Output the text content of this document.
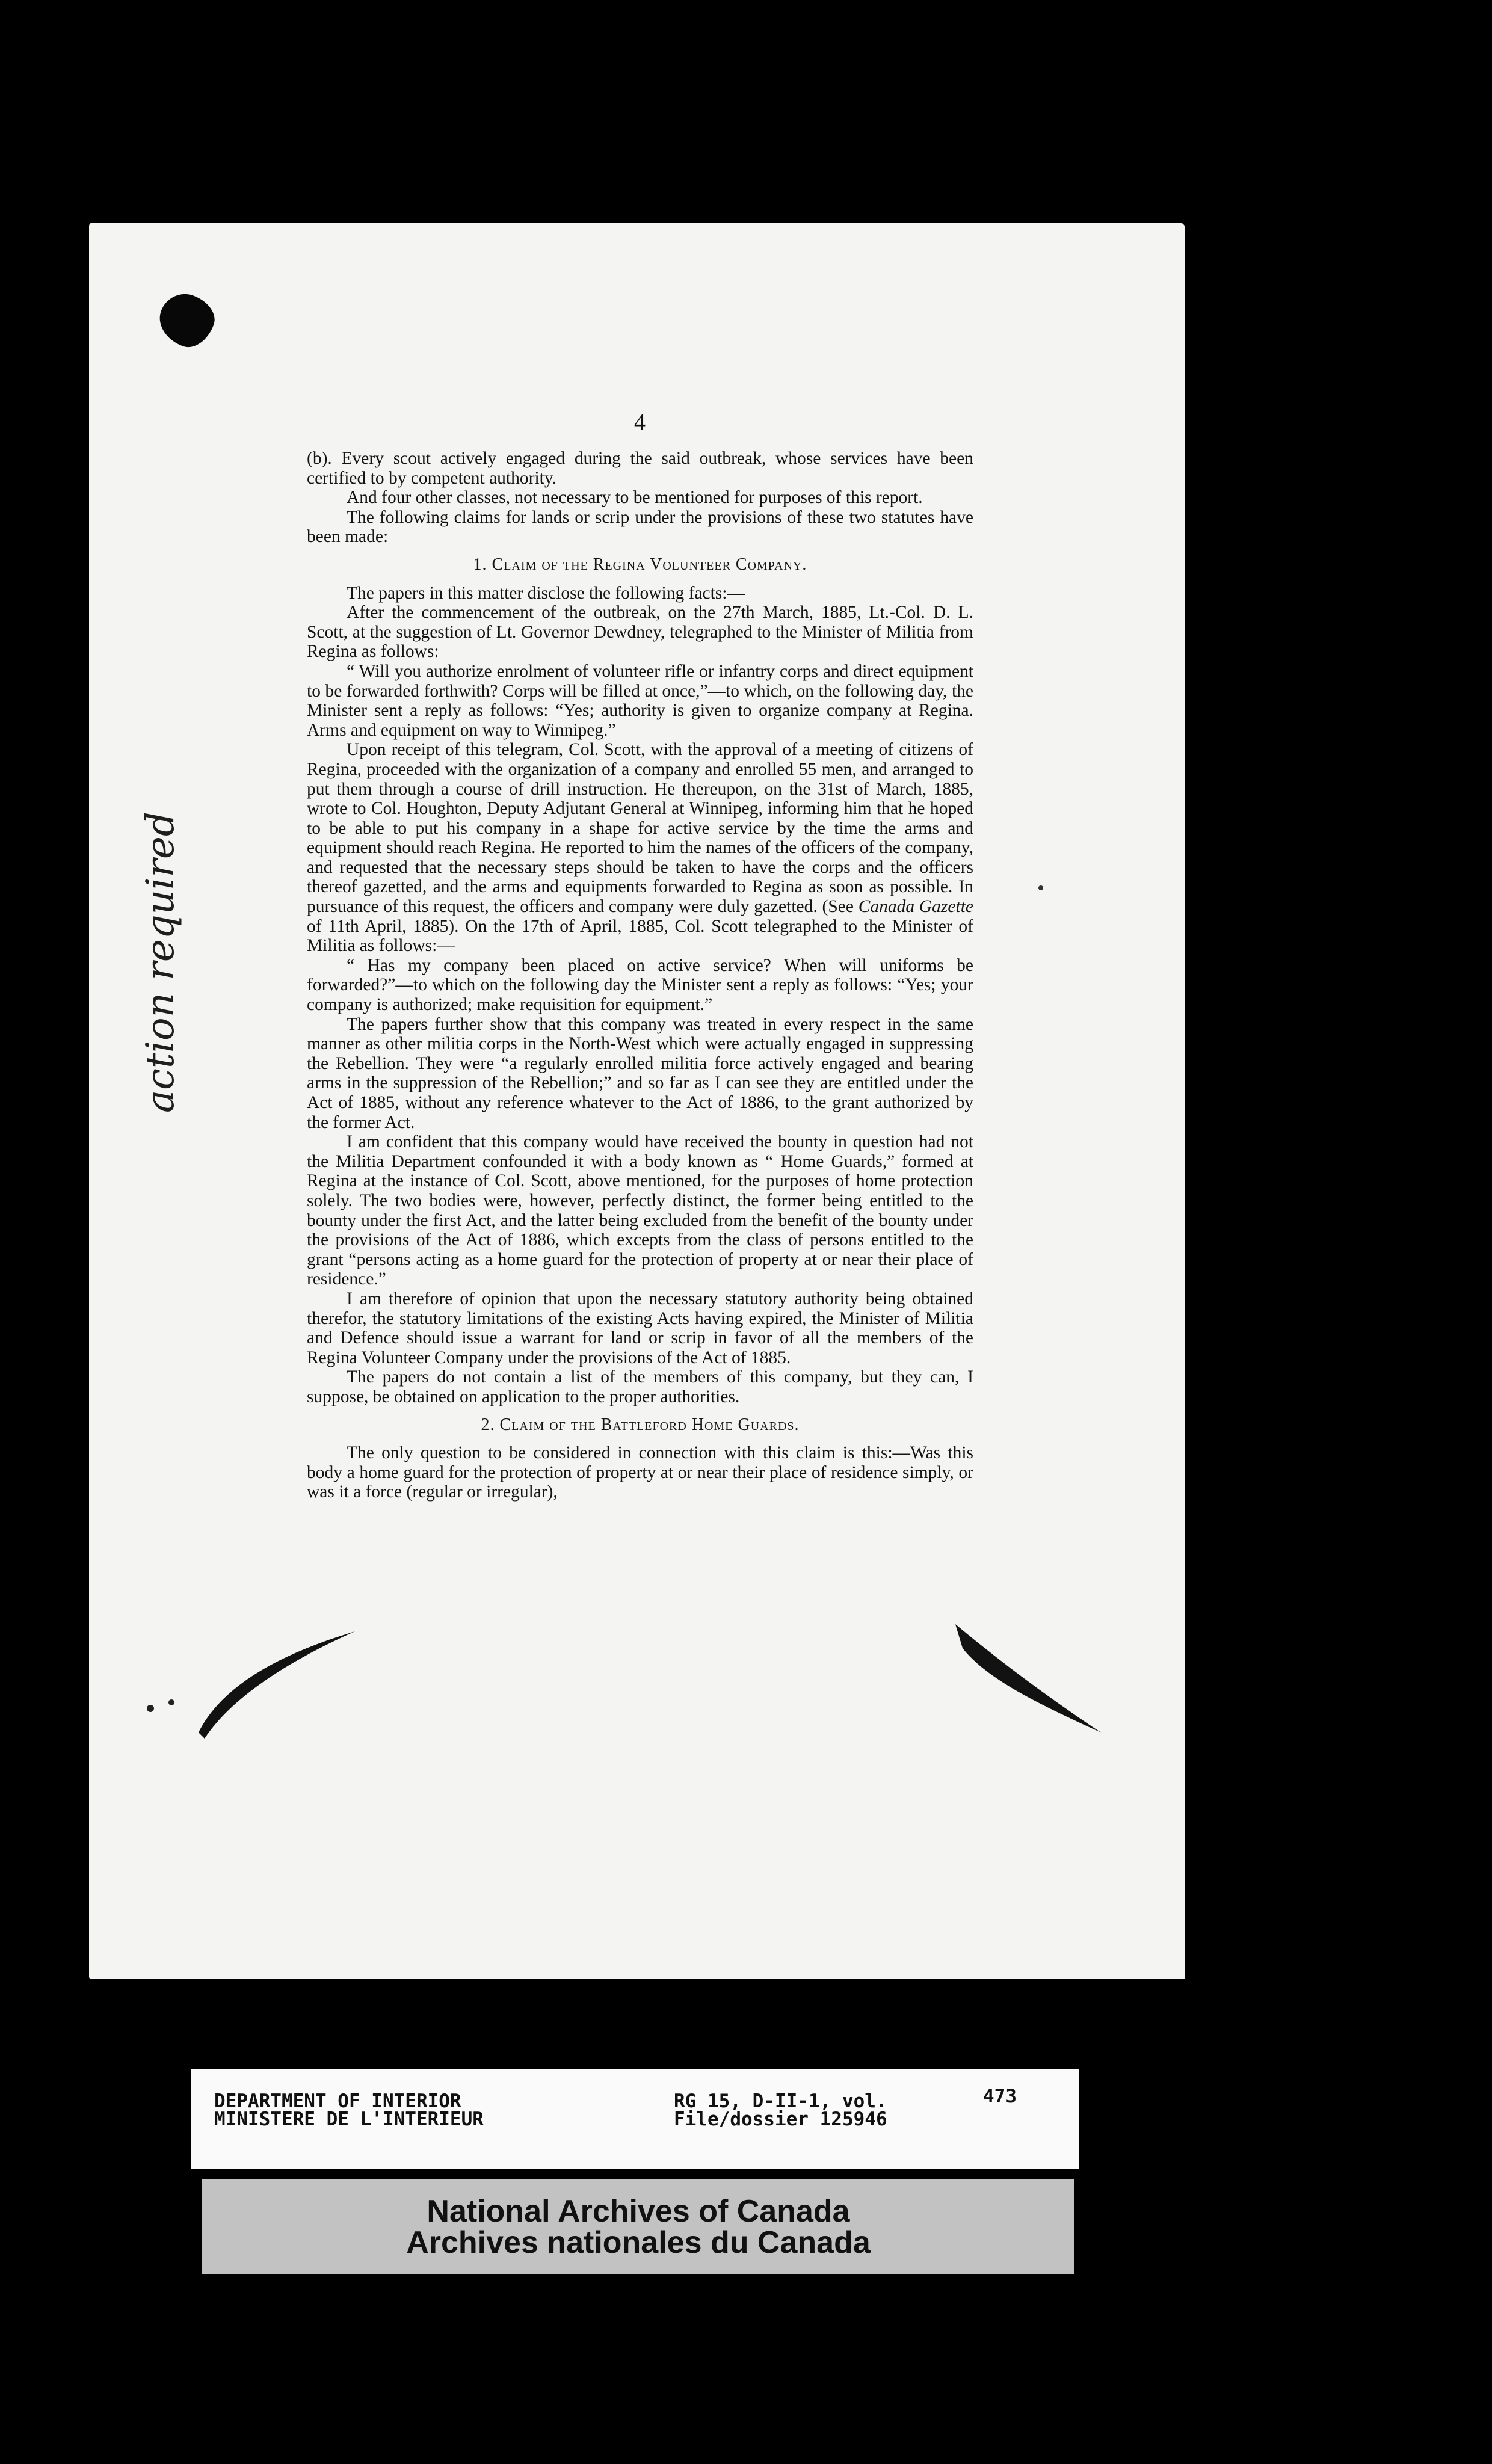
4

(b). Every scout actively engaged during the said outbreak, whose services have been certified to by competent authority.

And four other classes, not necessary to be mentioned for purposes of this report.

The following claims for lands or scrip under the provisions of these two statutes have been made:

1. Claim of the Regina Volunteer Company.

The papers in this matter disclose the following facts:—

After the commencement of the outbreak, on the 27th March, 1885, Lt.-Col. D. L. Scott, at the suggestion of Lt. Governor Dewdney, telegraphed to the Minister of Militia from Regina as follows:

“ Will you authorize enrolment of volunteer rifle or infantry corps and direct equipment to be forwarded forthwith? Corps will be filled at once,”—to which, on the following day, the Minister sent a reply as follows: “Yes; authority is given to organize company at Regina. Arms and equipment on way to Winnipeg.”

Upon receipt of this telegram, Col. Scott, with the approval of a meeting of citizens of Regina, proceeded with the organization of a company and enrolled 55 men, and arranged to put them through a course of drill instruction. He thereupon, on the 31st of March, 1885, wrote to Col. Houghton, Deputy Adjutant General at Winnipeg, informing him that he hoped to be able to put his company in a shape for active service by the time the arms and equipment should reach Regina. He reported to him the names of the officers of the company, and requested that the necessary steps should be taken to have the corps and the officers thereof gazetted, and the arms and equipments forwarded to Regina as soon as possible. In pursuance of this request, the officers and company were duly gazetted. (See Canada Gazette of 11th April, 1885). On the 17th of April, 1885, Col. Scott telegraphed to the Minister of Militia as follows:—

“ Has my company been placed on active service? When will uniforms be forwarded?”—to which on the following day the Minister sent a reply as follows: “Yes; your company is authorized; make requisition for equipment.”

The papers further show that this company was treated in every respect in the same manner as other militia corps in the North-West which were actually engaged in suppressing the Rebellion. They were “a regularly enrolled militia force actively engaged and bearing arms in the suppression of the Rebellion;” and so far as I can see they are entitled under the Act of 1885, without any reference whatever to the Act of 1886, to the grant authorized by the former Act.

I am confident that this company would have received the bounty in question had not the Militia Department confounded it with a body known as “ Home Guards,” formed at Regina at the instance of Col. Scott, above mentioned, for the purposes of home protection solely. The two bodies were, however, perfectly distinct, the former being entitled to the bounty under the first Act, and the latter being excluded from the benefit of the bounty under the provisions of the Act of 1886, which excepts from the class of persons entitled to the grant “persons acting as a home guard for the protection of property at or near their place of residence.”

I am therefore of opinion that upon the necessary statutory authority being obtained therefor, the statutory limitations of the existing Acts having expired, the Minister of Militia and Defence should issue a warrant for land or scrip in favor of all the members of the Regina Volunteer Company under the provisions of the Act of 1885.

The papers do not contain a list of the members of this company, but they can, I suppose, be obtained on application to the proper authorities.

2. Claim of the Battleford Home Guards.

The only question to be considered in connection with this claim is this:—Was this body a home guard for the protection of property at or near their place of residence simply, or was it a force (regular or irregular),

action required
DEPARTMENT OF INTERIOR
MINISTERE DE L'INTERIEUR
RG 15, D-II-1, vol.
File/dossier 125946
473
National Archives of Canada
Archives nationales du Canada
